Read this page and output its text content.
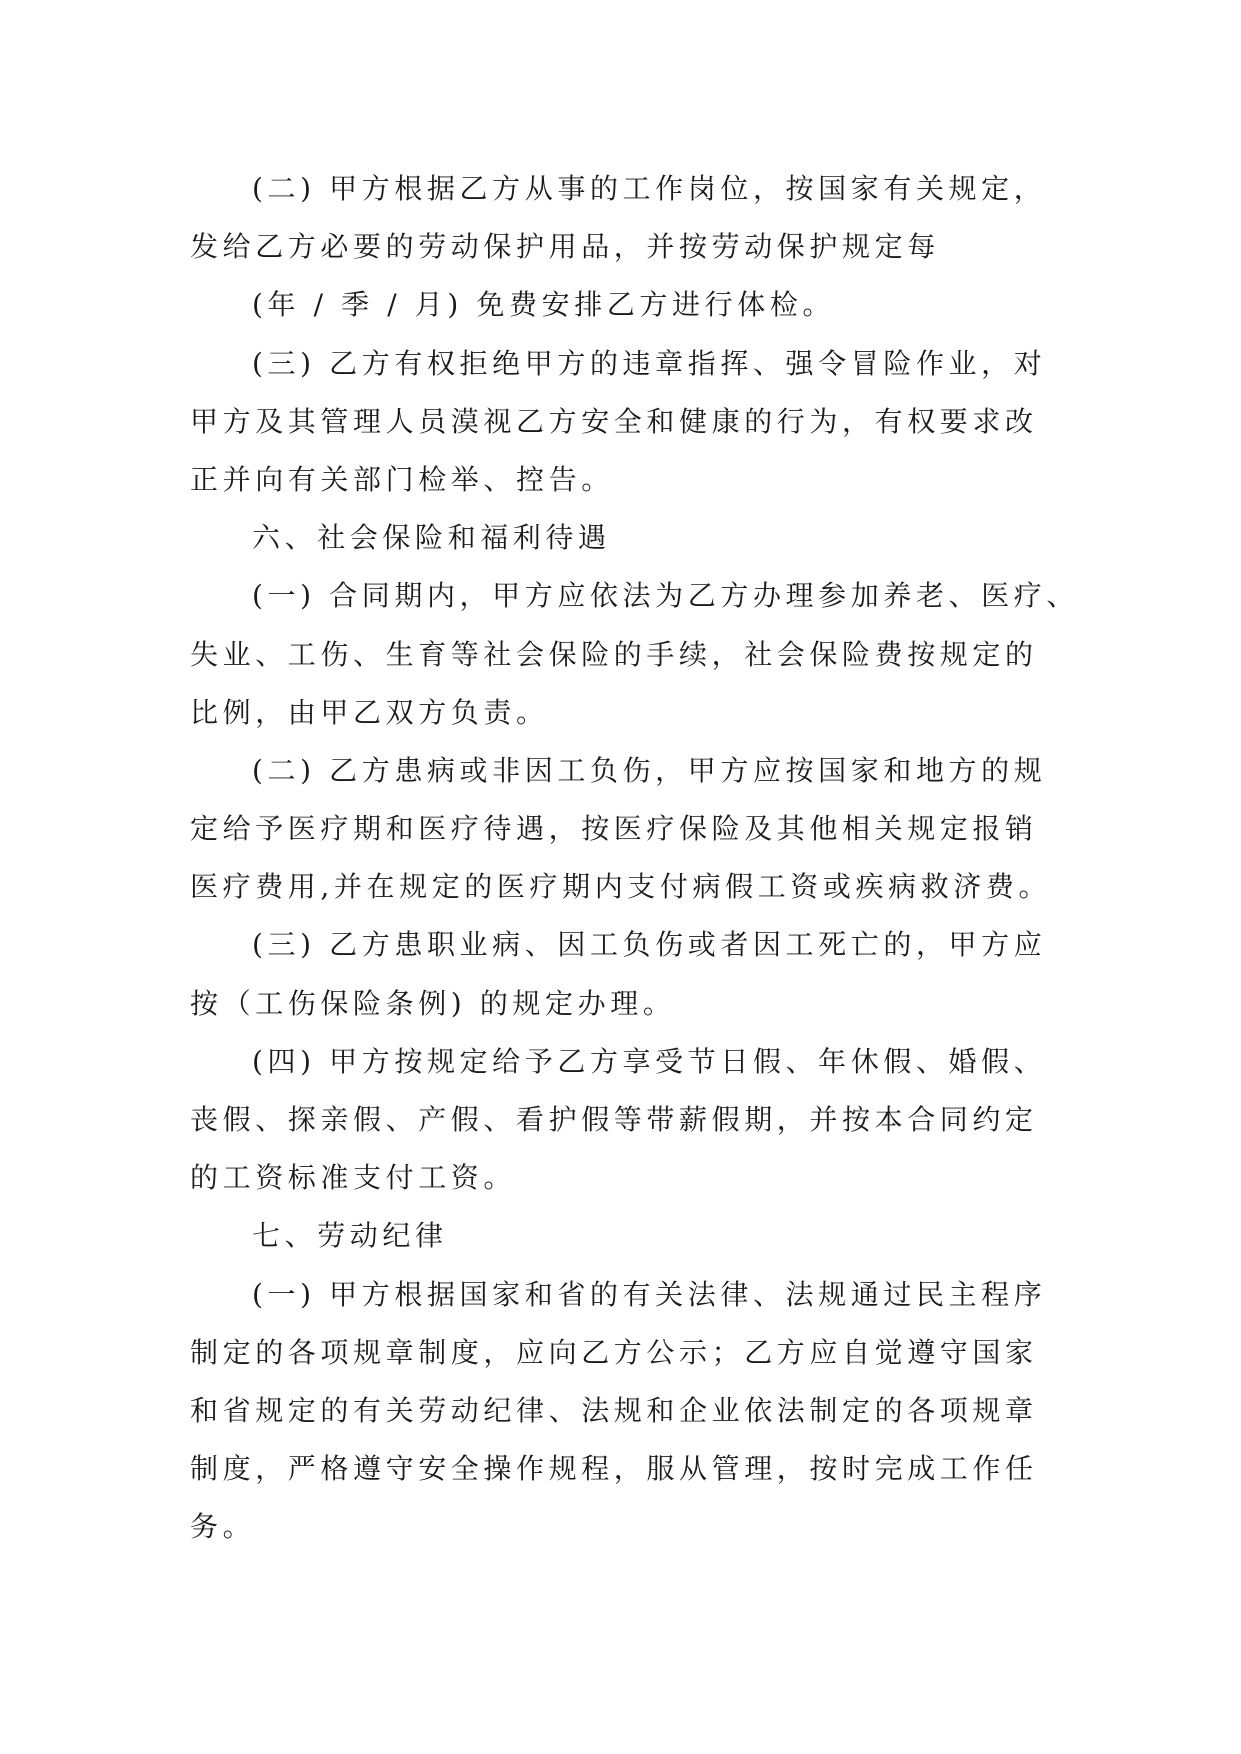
(二) 甲方根据乙方从事的工作岗位，按国家有关规定，
发给乙方必要的劳动保护用品，并按劳动保护规定每
(年 / 季 / 月) 免费安排乙方进行体检。
(三) 乙方有权拒绝甲方的违章指挥、强令冒险作业，对
甲方及其管理人员漠视乙方安全和健康的行为，有权要求改
正并向有关部门检举、控告。
六、社会保险和福利待遇
(一) 合同期内，甲方应依法为乙方办理参加养老、医疗、
失业、工伤、生育等社会保险的手续，社会保险费按规定的
比例，由甲乙双方负责。
(二) 乙方患病或非因工负伤，甲方应按国家和地方的规
定给予医疗期和医疗待遇，按医疗保险及其他相关规定报销
医疗费用,并在规定的医疗期内支付病假工资或疾病救济费。
(三) 乙方患职业病、因工负伤或者因工死亡的，甲方应
按（工伤保险条例) 的规定办理。
(四) 甲方按规定给予乙方享受节日假、年休假、婚假、
丧假、探亲假、产假、看护假等带薪假期，并按本合同约定
的工资标准支付工资。
七、劳动纪律
(一) 甲方根据国家和省的有关法律、法规通过民主程序
制定的各项规章制度，应向乙方公示；乙方应自觉遵守国家
和省规定的有关劳动纪律、法规和企业依法制定的各项规章
制度，严格遵守安全操作规程，服从管理，按时完成工作任
务。
